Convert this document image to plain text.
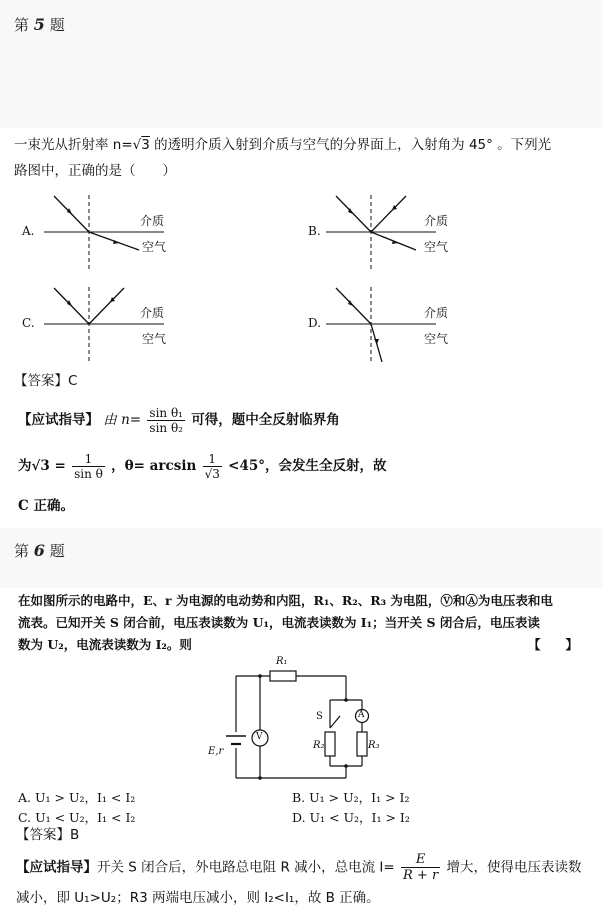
第 5 题
一束光从折射率 n=√3 的透明介质入射到介质与空气的分界面上，入射角为 45° 。下列光
路图中，正确的是（　　）
A.
介质
空气
B.
介质
空气
C.
介质
空气
D.
介质
空气
【答案】C
【应试指导】 由 $n= \frac{\text{sin θ₁}}{\text{sin θ₂}}$ 可得，题中全反射临界角
为$√3 = \frac{1}{\text{sin θ}}$ ，$\theta= \arcsin \frac{1}{√3} <45^\circ$，会发生全反射，故
C 正确。
第 6 题
在如图所示的电路中，E、r 为电源的电动势和内阻，R₁、R₂、R₃ 为电阻，Ⓥ和Ⓐ为电压表和电
流表。已知开关 S 闭合前，电压表读数为 U₁，电流表读数为 I₁；当开关 S 闭合后，电压表读
数为 U₂，电流表读数为 I₂。则	【　　】
R₁
S
V
A
R₂	R₃
E,r
A. U₁ > U₂，I₁ < I₂	B. U₁ > U₂，I₁ > I₂
C. U₁ < U₂，I₁ < I₂	D. U₁ < U₂，I₁ > I₂
【答案】B
【应试指导】开关 S 闭合后，外电路总电阻 R 减小，总电流 $I= \frac{E}{R + r}$ 增大，使得电压表读数
减小，即 U₁>U₂；R3 两端电压减小，则 I₂<I₁，故 B 正确。
